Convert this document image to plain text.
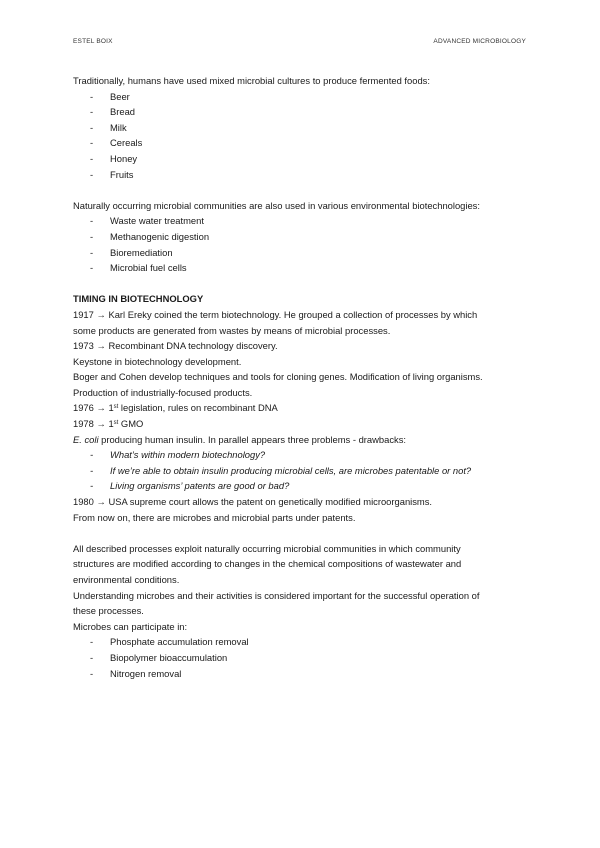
ESTEL BOIX	ADVANCED MICROBIOLOGY

Traditionally, humans have used mixed microbial cultures to produce fermented foods:

- Beer
- Bread
- Milk
- Cereals
- Honey
- Fruits

Naturally occurring microbial communities are also used in various environmental biotechnologies:

- Waste water treatment
- Methanogenic digestion
- Bioremediation
- Microbial fuel cells

TIMING IN BIOTECHNOLOGY

1917 → Karl Ereky coined the term biotechnology. He grouped a collection of processes by which

some products are generated from wastes by means of microbial processes.

1973 → Recombinant DNA technology discovery.

Keystone in biotechnology development.

Boger and Cohen develop techniques and tools for cloning genes. Modification of living organisms.

Production of industrially-focused products.

1976 → 1st legislation, rules on recombinant DNA

1978 → 1st GMO

E. coli producing human insulin. In parallel appears three problems - drawbacks:

- What’s within modern biotechnology?
- If we’re able to obtain insulin producing microbial cells, are microbes patentable or not?
- Living organisms’ patents are good or bad?

1980 → USA supreme court allows the patent on genetically modified microorganisms.

From now on, there are microbes and microbial parts under patents.

All described processes exploit naturally occurring microbial communities in which community

structures are modified according to changes in the chemical compositions of wastewater and

environmental conditions.

Understanding microbes and their activities is considered important for the successful operation of

these processes.

Microbes can participate in:

- Phosphate accumulation removal
- Biopolymer bioaccumulation
- Nitrogen removal
